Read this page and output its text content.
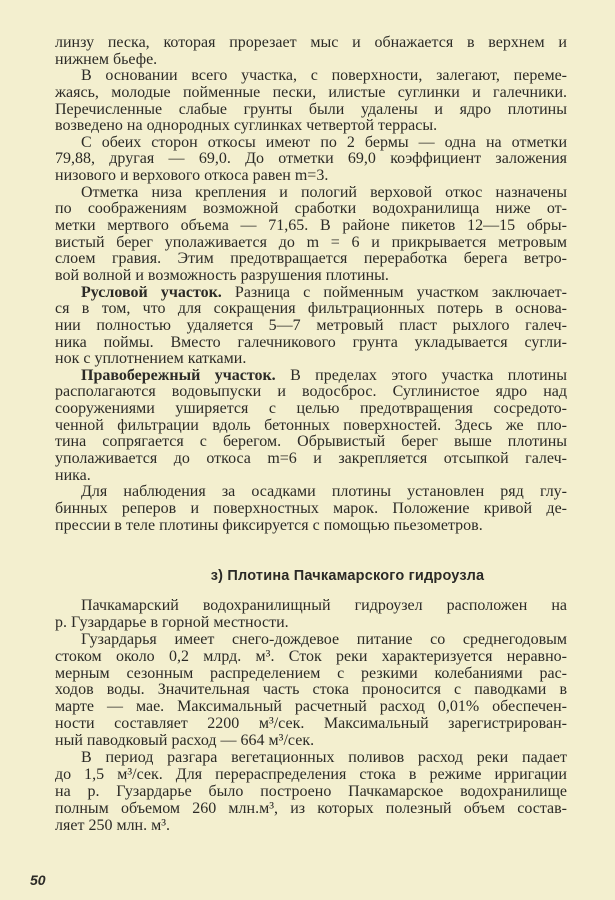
линзу песка, которая прорезает мыс и обнажается в верхнем и
нижнем бьефе.
В основании всего участка, с поверхности, залегают, переме-
жаясь, молодые пойменные пески, илистые суглинки и галечники.
Перечисленные слабые грунты были удалены и ядро плотины
возведено на однородных суглинках четвертой террасы.
С обеих сторон откосы имеют по 2 бермы — одна на отметки
79,88, другая — 69,0. До отметки 69,0 коэффициент заложения
низового и верхового откоса равен m=3.
Отметка низа крепления и пологий верховой откос назначены
по соображениям возможной сработки водохранилища ниже от-
метки мертвого объема — 71,65. В районе пикетов 12—15 обры-
вистый берег уполаживается до m = 6 и прикрывается метровым
слоем гравия. Этим предотвращается переработка берега ветро-
вой волной и возможность разрушения плотины.
Русловой участок. Разница с пойменным участком заключает-
ся в том, что для сокращения фильтрационных потерь в основа-
нии полностью удаляется 5—7 метровый пласт рыхлого галеч-
ника поймы. Вместо галечникового грунта укладывается сугли-
нок с уплотнением катками.
Правобережный участок. В пределах этого участка плотины
располагаются водовыпуски и водосброс. Суглинистое ядро над
сооружениями уширяется с целью предотвращения сосредото-
ченной фильтрации вдоль бетонных поверхностей. Здесь же пло-
тина сопрягается с берегом. Обрывистый берег выше плотины
уполаживается до откоса m=6 и закрепляется отсыпкой галеч-
ника.
Для наблюдения за осадками плотины установлен ряд глу-
бинных реперов и поверхностных марок. Положение кривой де-
прессии в теле плотины фиксируется с помощью пьезометров.
з) Плотина Пачкамарского гидроузла
Пачкамарский водохранилищный гидроузел расположен на
р. Гузардарье в горной местности.
Гузардарья имеет снего-дождевое питание со среднегодовым
стоком около 0,2 млрд. м³. Сток реки характеризуется неравно-
мерным сезонным распределением с резкими колебаниями рас-
ходов воды. Значительная часть стока проносится с паводками в
марте — мае. Максимальный расчетный расход 0,01% обеспечен-
ности составляет 2200 м³/сек. Максимальный зарегистрирован-
ный паводковый расход — 664 м³/сек.
В период разгара вегетационных поливов расход реки падает
до 1,5 м³/сек. Для перераспределения стока в режиме ирригации
на р. Гузардарье было построено Пачкамарское водохранилище
полным объемом 260 млн.м³, из которых полезный объем состав-
ляет 250 млн. м³.
50
